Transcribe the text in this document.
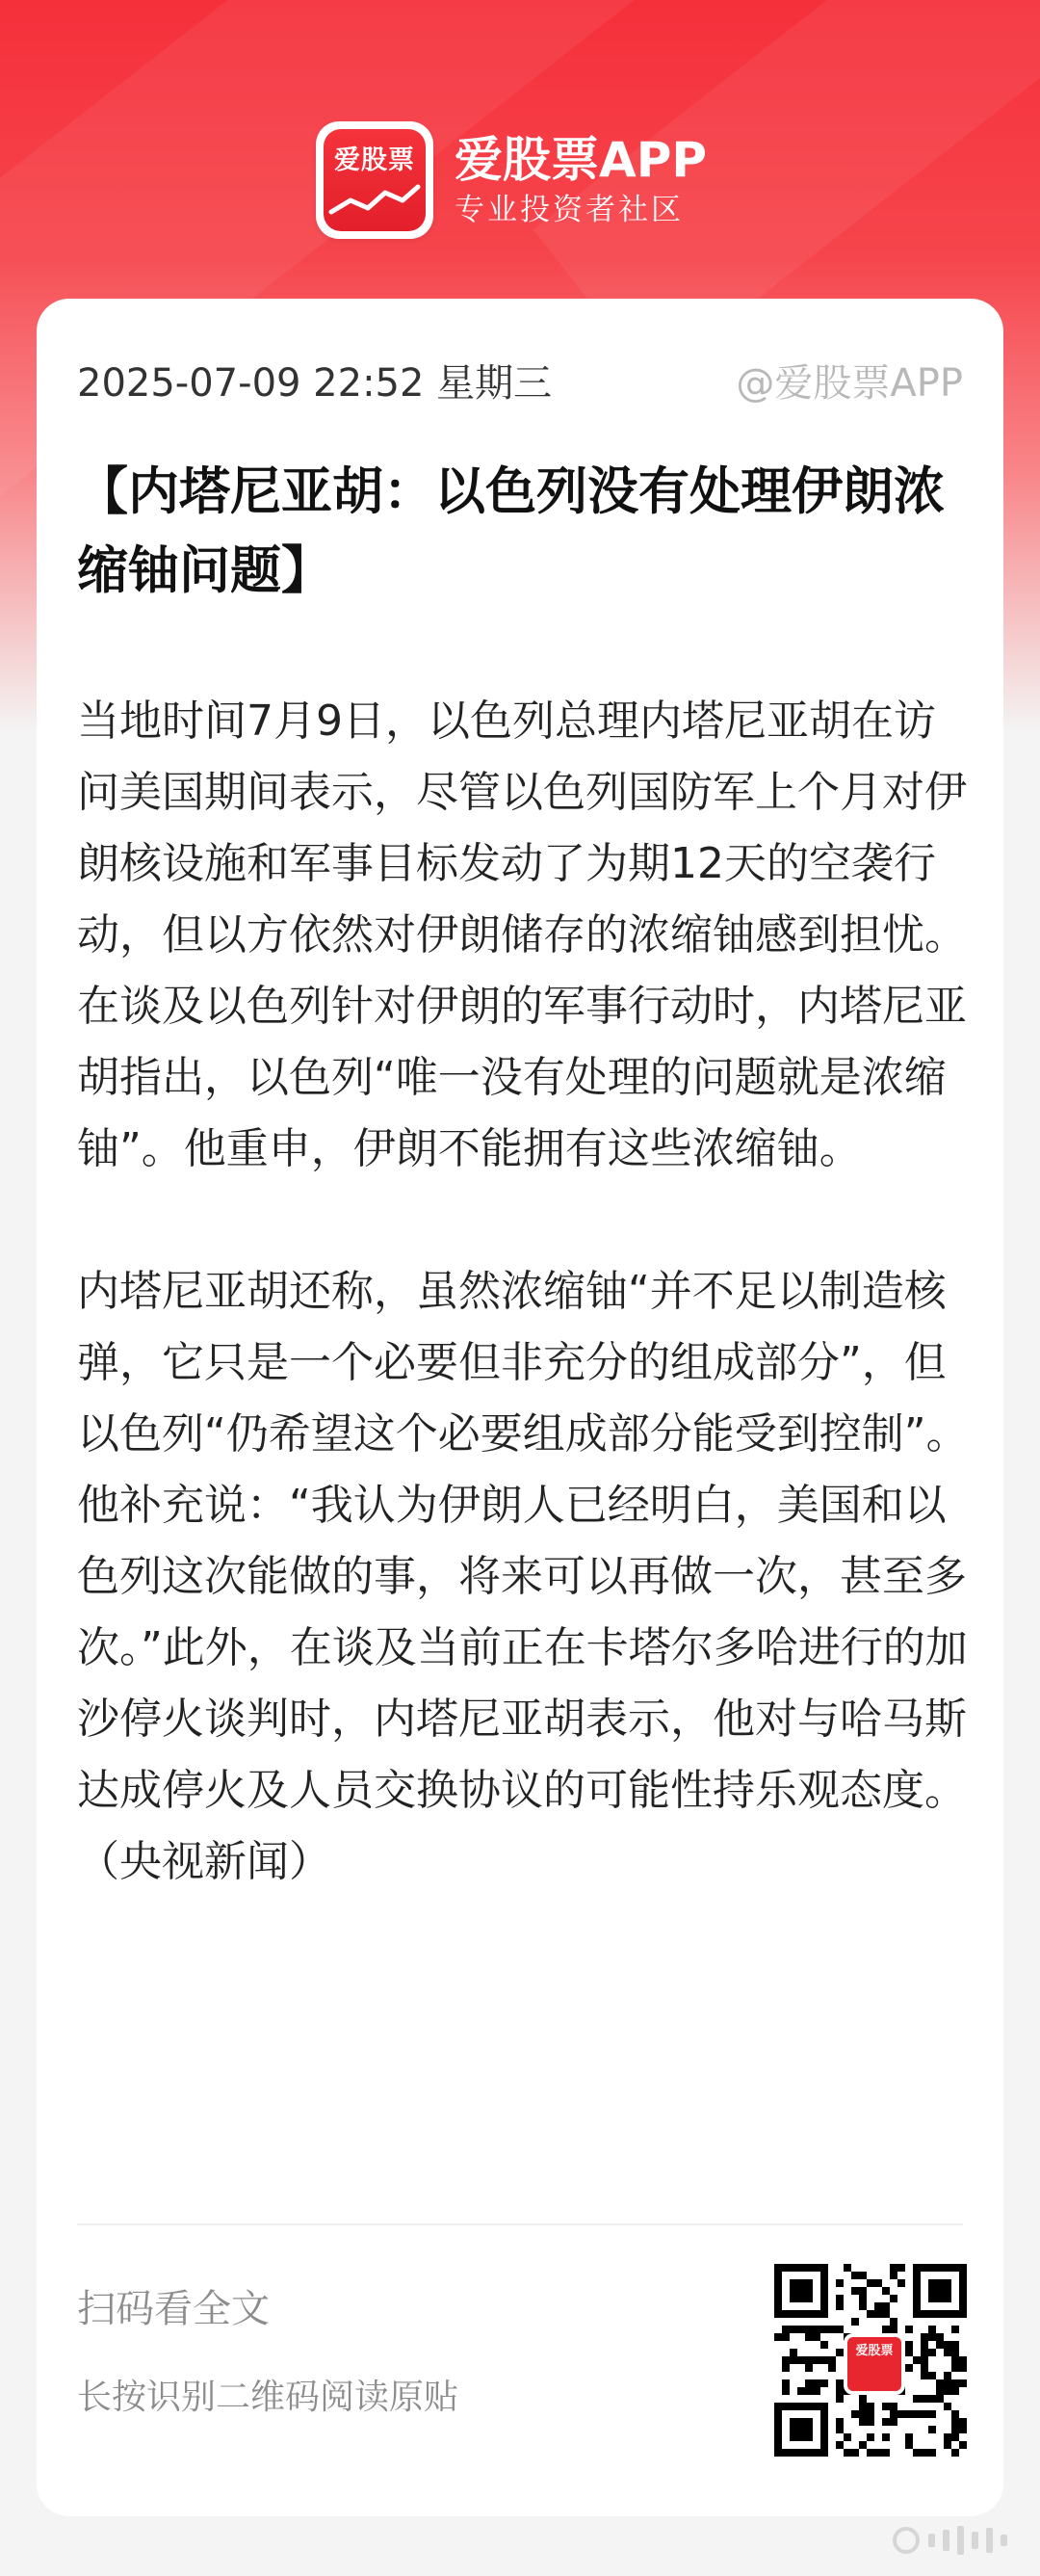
爱股票 爱股票APP
专业投资者社区
2025-07-09 22:52 星期三	@爱股票APP
【内塔尼亚胡：以色列没有处理伊朗浓缩铀问题】

当地时间7月9日，以色列总理内塔尼亚胡在访问美国期间表示，尽管以色列国防军上个月对伊朗核设施和军事目标发动了为期12天的空袭行动，但以方依然对伊朗储存的浓缩铀感到担忧。在谈及以色列针对伊朗的军事行动时，内塔尼亚胡指出，以色列“唯一没有处理的问题就是浓缩铀”。他重申，伊朗不能拥有这些浓缩铀。

内塔尼亚胡还称，虽然浓缩铀“并不足以制造核弹，它只是一个必要但非充分的组成部分”，但以色列“仍希望这个必要组成部分能受到控制”。他补充说：“我认为伊朗人已经明白，美国和以色列这次能做的事，将来可以再做一次，甚至多次。”此外，在谈及当前正在卡塔尔多哈进行的加沙停火谈判时，内塔尼亚胡表示，他对与哈马斯达成停火及人员交换协议的可能性持乐观态度。（央视新闻）

扫码看全文
长按识别二维码阅读原贴
爱股票
